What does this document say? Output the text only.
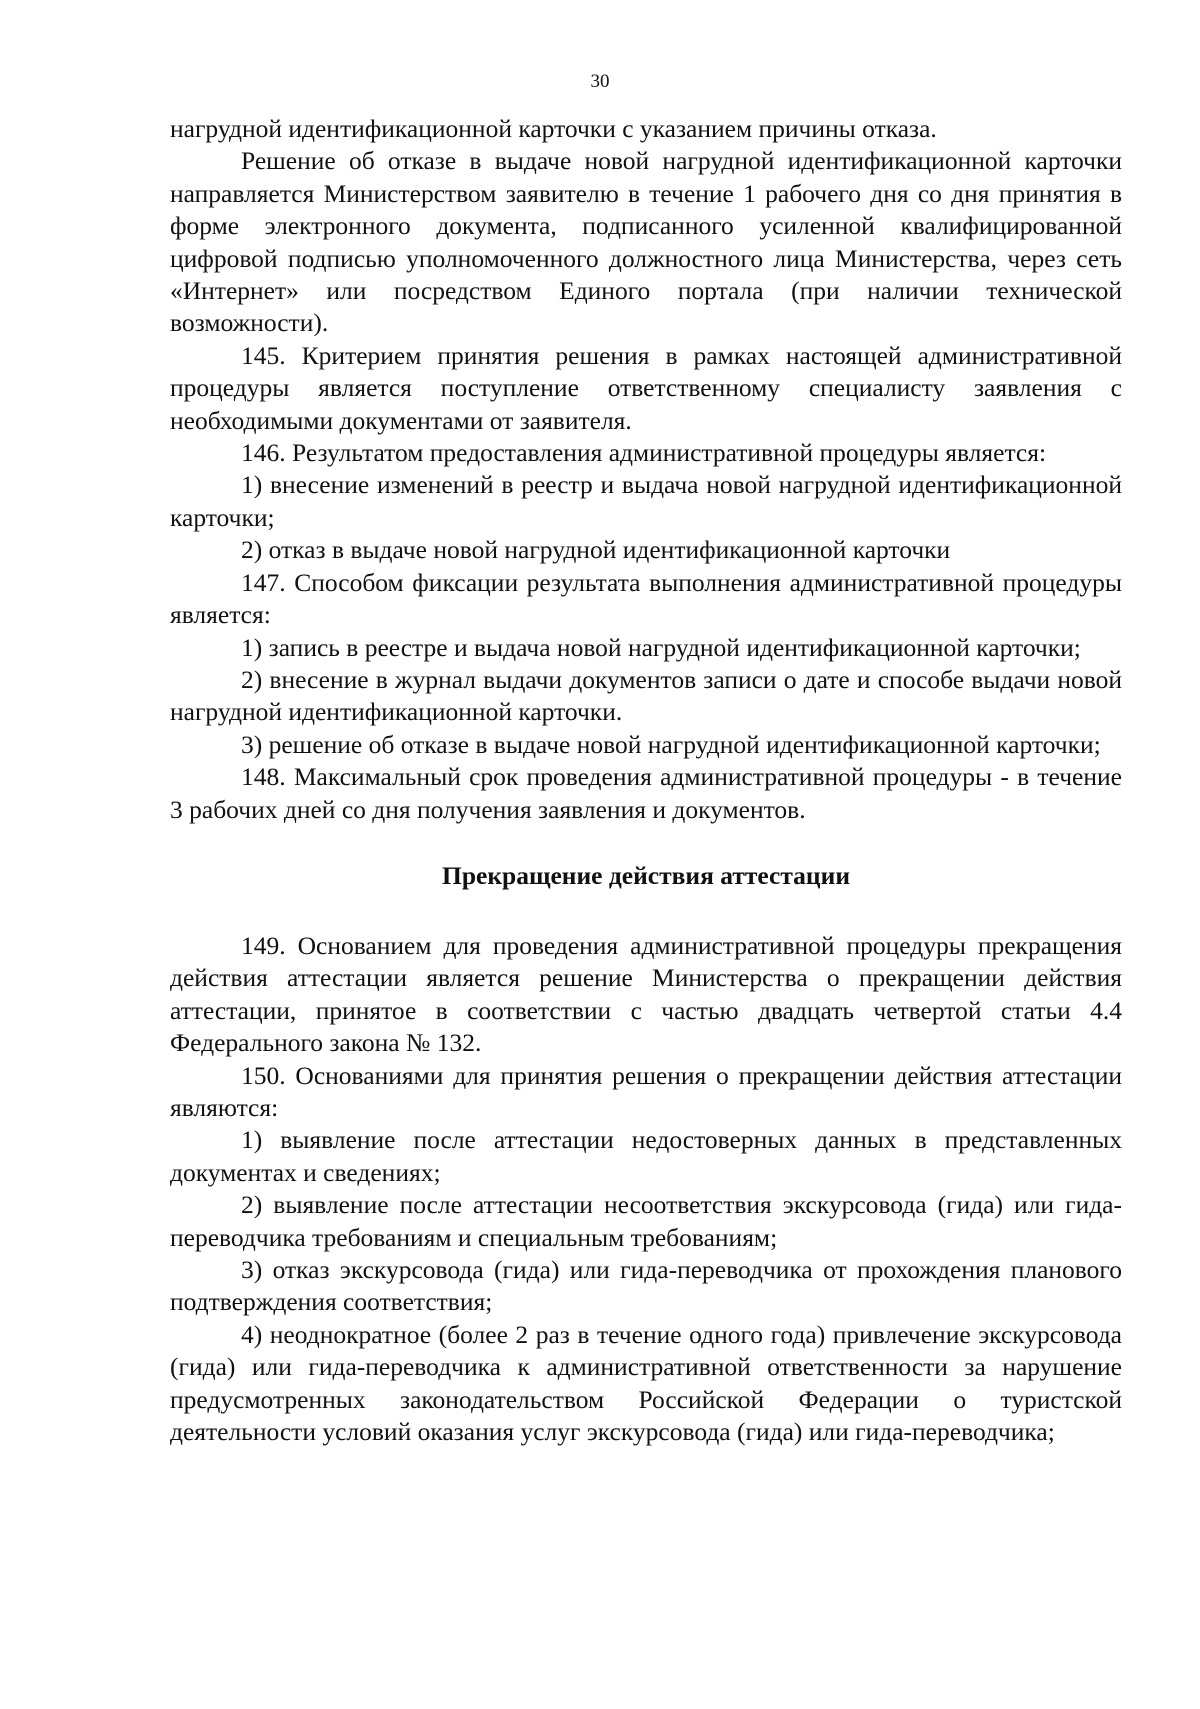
30

нагрудной идентификационной карточки с указанием причины отказа.

Решение об отказе в выдаче новой нагрудной идентификационной карточки направляется Министерством заявителю в течение 1 рабочего дня со дня принятия в форме электронного документа, подписанного усиленной квалифицированной цифровой подписью уполномоченного должностного лица Министерства, через сеть «Интернет» или посредством Единого портала (при наличии технической возможности).

145. Критерием принятия решения в рамках настоящей административной процедуры является поступление ответственному специалисту заявления с необходимыми документами от заявителя.

146. Результатом предоставления административной процедуры является:

1) внесение изменений в реестр и выдача новой нагрудной идентификационной карточки;

2) отказ в выдаче новой нагрудной идентификационной карточки

147. Способом фиксации результата выполнения административной процедуры является:

1) запись в реестре и выдача новой нагрудной идентификационной карточки;

2) внесение в журнал выдачи документов записи о дате и способе выдачи новой нагрудной идентификационной карточки.

3) решение об отказе в выдаче новой нагрудной идентификационной карточки;

148. Максимальный срок проведения административной процедуры - в течение 3 рабочих дней со дня получения заявления и документов.

Прекращение действия аттестации

149. Основанием для проведения административной процедуры прекращения действия аттестации является решение Министерства о прекращении действия аттестации, принятое в соответствии с частью двадцать четвертой статьи 4.4 Федерального закона № 132.

150. Основаниями для принятия решения о прекращении действия аттестации являются:

1) выявление после аттестации недостоверных данных в представленных документах и сведениях;

2) выявление после аттестации несоответствия экскурсовода (гида) или гида-переводчика требованиям и специальным требованиям;

3) отказ экскурсовода (гида) или гида-переводчика от прохождения планового подтверждения соответствия;

4) неоднократное (более 2 раз в течение одного года) привлечение экскурсовода (гида) или гида-переводчика к административной ответственности за нарушение предусмотренных законодательством Российской Федерации о туристской деятельности условий оказания услуг экскурсовода (гида) или гида-переводчика;
